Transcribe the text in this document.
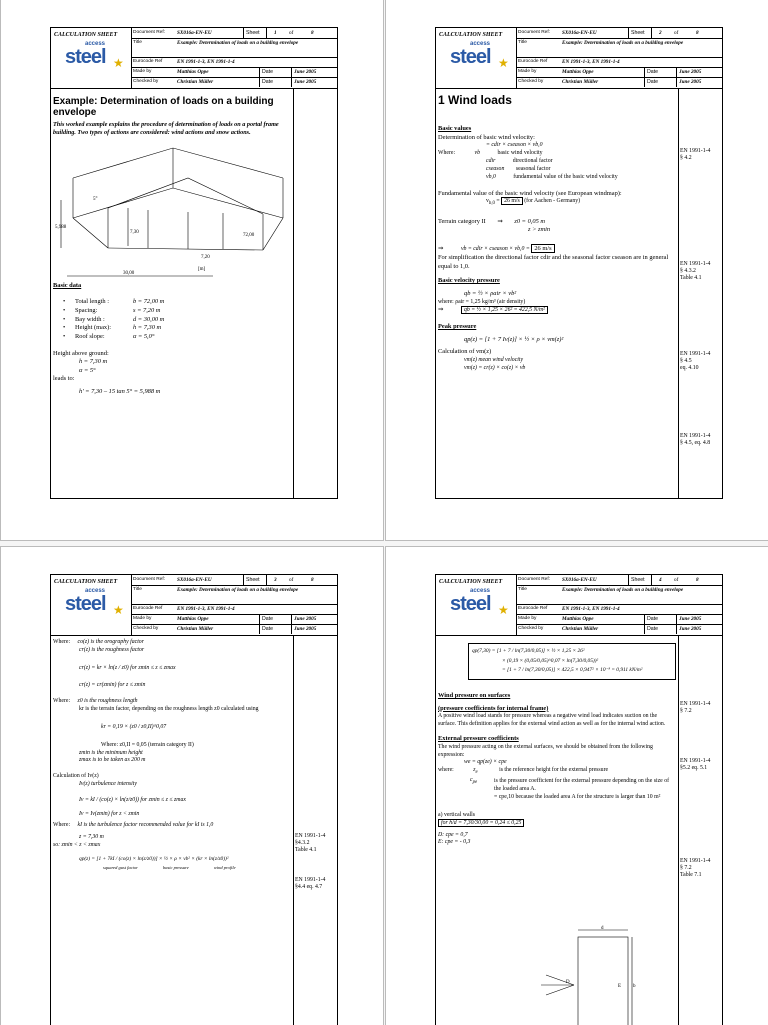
CALCULATION SHEET
access
steel ★
Document Ref: SX016a-EN-EU	Sheet	1 of	8
Title	Example: Determination of loads on a building envelope
Eurocode Ref	EN 1991-1-3, EN 1991-1-4
Made by	Matthias Oppe	Date	June 2005
Checked by	Christian Müller	Date	June 2005
Example: Determination of loads on a building envelope
This worked example explains the procedure of determination of loads on a portal frame building. Two types of actions are considered: wind actions and snow actions.
30,00
5,988
7,30
72,00
7,20
5°
[m]
Basic data
• Total length :	b = 72,00 m
• Spacing:	s = 7,20 m
• Bay width :	d = 30,00 m
• Height (max):	h = 7,30 m
• Roof slope:	α = 5,0°
Height above ground:
h = 7,30 m
α = 5°
leads to:
h' = 7,30 – 15 tan 5° = 5,988 m
CALCULATION SHEET
access
steel ★
Document Ref: SX016a-EN-EU	Sheet	2 of	8
Title	Example: Determination of loads on a building envelope
Eurocode Ref	EN 1991-1-3, EN 1991-1-4
Made by	Matthias Oppe	Date	June 2005
Checked by	Christian Müller	Date	June 2005
1 Wind loads
Basic values
Determination of basic wind velocity:
= cdir × cseason × vb,0
Where:	vb	basic wind velocity
cdir	directional factor
cseason seasonal factor
vb,0	fundamental value of the basic wind velocity
Fundamental value of the basic wind velocity (see European windmap):
$v_{b,0} = 26$ m/s (for Aachen - Germany)
Terrain category II ⇒ z0 = 0,05 m
z > zmin
⇒	vb = cdir × cseason × vb,0 = 26 m/s
For simplification the directional factor cdir and the seasonal factor cseason are in general equal to 1,0.
Basic velocity pressure
qb = ½ × ρair × vb²
where: ρair = 1,25 kg/m³ (air density)
⇒	qb = ½ × 1,25 × 26² = 422,5 N/m²
Peak pressure
qp(z) = [1 + 7 Iv(z)] × ½ × ρ × vm(z)²
Calculation of vm(z)
vm(z) mean wind velocity
vm(z) = cr(z) × co(z) × vb
EN 1991-1-4
§ 4.2
EN 1991-1-4
§ 4.3.2
Table 4.1
EN 1991-1-4
§ 4.5
eq. 4.10
EN 1991-1-4
§ 4.5, eq. 4.8
CALCULATION SHEET
access
steel ★
Document Ref: SX016a-EN-EU	Sheet	3 of	8
Title	Example: Determination of loads on a building envelope
Eurocode Ref	EN 1991-1-3, EN 1991-1-4
Made by	Matthias Oppe	Date	June 2005
Checked by	Christian Müller	Date	June 2005
Where: co(z) is the orography factor
cr(z) is the roughness factor
cr(z) = kr × ln(z / z0) for zmin ≤ z ≤ zmax
cr(z) = cr(zmin) for z ≤ zmin
Where: z0 is the roughness length
kr is the terrain factor, depending on the roughness length z0 calculated using
kr = 0,19 × (z0 / z0,II)^0,07
Where: z0,II = 0,05 (terrain category II)
zmin is the minimum height
zmax is to be taken as 200 m
Calculation of Iv(z)
Iv(z) turbulence intensity
Iv = kI / (co(z) × ln(z/z0)) for zmin ≤ z ≤ zmax
Iv = Iv(zmin) for z < zmin
Where: kI is the turbulence factor recommended value for kI is 1,0
z = 7,30 m
so: zmin < z < zmax
qp(z) = [1 + 7kI / (co(z) × ln(z/z0))] × ½ × ρ × vb² × (kr × ln(z/z0))²
squared gust factor	basic pressure	wind profile
EN 1991-1-4
§4.3.2
Table 4.1
EN 1991-1-4
§4.4 eq. 4.7
CALCULATION SHEET
access
steel ★
Document Ref: SX016a-EN-EU	Sheet	4 of	8
Title	Example: Determination of loads on a building envelope
Eurocode Ref	EN 1991-1-3, EN 1991-1-4
Made by	Matthias Oppe	Date	June 2005
Checked by	Christian Müller	Date	June 2005
qp(7,30) = [1 + 7 / ln(7,30/0,05)] × ½ × 1,25 × 26²
× (0,19 × (0,05/0,05)^0,07 × ln(7,30/0,05))²
= [1 + 7 / ln(7,30/0,05)] × 422,5 × 0,947² × 10⁻³ = 0,911 kN/m²
Wind pressure on surfaces
(pressure coefficients for internal frame)
A positive wind load stands for pressure whereas a negative wind load indicates suction on the surface. This definition applies for the external wind action as well as for the internal wind action.
External pressure coefficients
The wind pressure acting on the external surfaces, we should be obtained from the following expression:
we = qp(ze) × cpe
where:	$z_e$	is the reference height for the external pressure
$c_{pe}$	is the pressure coefficient for the external pressure depending on the size of the loaded area A.
= cpe,10 because the loaded area A for the structure is larger than 10 m²
a) vertical walls
for h/d = 7,30/30,00 = 0,24 ≤ 0,25
D: cpe = 0,7
E: cpe = - 0,3
d
D
E b
EN 1991-1-4
§ 7.2
EN 1991-1-4
§5.2 eq. 5.1
EN 1991-1-4
§ 7.2
Table 7.1
